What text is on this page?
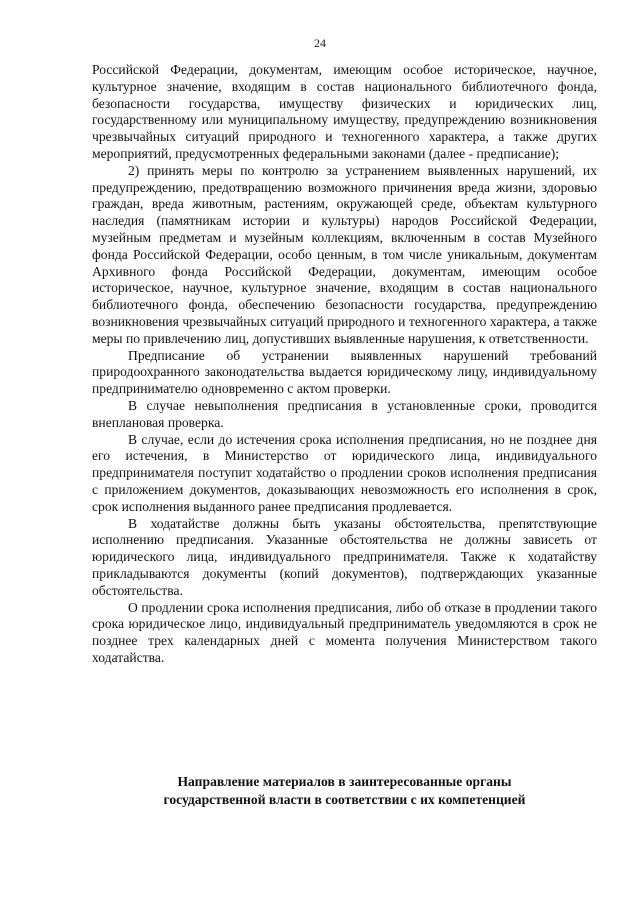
24

Российской Федерации, документам, имеющим особое историческое, научное, культурное значение, входящим в состав национального библиотечного фонда, безопасности государства, имуществу физических и юридических лиц, государственному или муниципальному имуществу, предупреждению возникновения чрезвычайных ситуаций природного и техногенного характера, а также других мероприятий, предусмотренных федеральными законами (далее - предписание);

2) принять меры по контролю за устранением выявленных нарушений, их предупреждению, предотвращению возможного причинения вреда жизни, здоровью граждан, вреда животным, растениям, окружающей среде, объектам культурного наследия (памятникам истории и культуры) народов Российской Федерации, музейным предметам и музейным коллекциям, включенным в состав Музейного фонда Российской Федерации, особо ценным, в том числе уникальным, документам Архивного фонда Российской Федерации, документам, имеющим особое историческое, научное, культурное значение, входящим в состав национального библиотечного фонда, обеспечению безопасности государства, предупреждению возникновения чрезвычайных ситуаций природного и техногенного характера, а также меры по привлечению лиц, допустивших выявленные нарушения, к ответственности.

Предписание об устранении выявленных нарушений требований природоохранного законодательства выдается юридическому лицу, индивидуальному предпринимателю одновременно с актом проверки.

В случае невыполнения предписания в установленные сроки, проводится внеплановая проверка.

В случае, если до истечения срока исполнения предписания, но не позднее дня его истечения, в Министерство от юридического лица, индивидуального предпринимателя поступит ходатайство о продлении сроков исполнения предписания с приложением документов, доказывающих невозможность его исполнения в срок, срок исполнения выданного ранее предписания продлевается.

В ходатайстве должны быть указаны обстоятельства, препятствующие исполнению предписания. Указанные обстоятельства не должны зависеть от юридического лица, индивидуального предпринимателя. Также к ходатайству прикладываются документы (копий документов), подтверждающих указанные обстоятельства.

О продлении срока исполнения предписания, либо об отказе в продлении такого срока юридическое лицо, индивидуальный предприниматель уведомляются в срок не позднее трех календарных дней с момента получения Министерством такого ходатайства.

Направление материалов в заинтересованные органы
государственной власти в соответствии с их компетенцией
